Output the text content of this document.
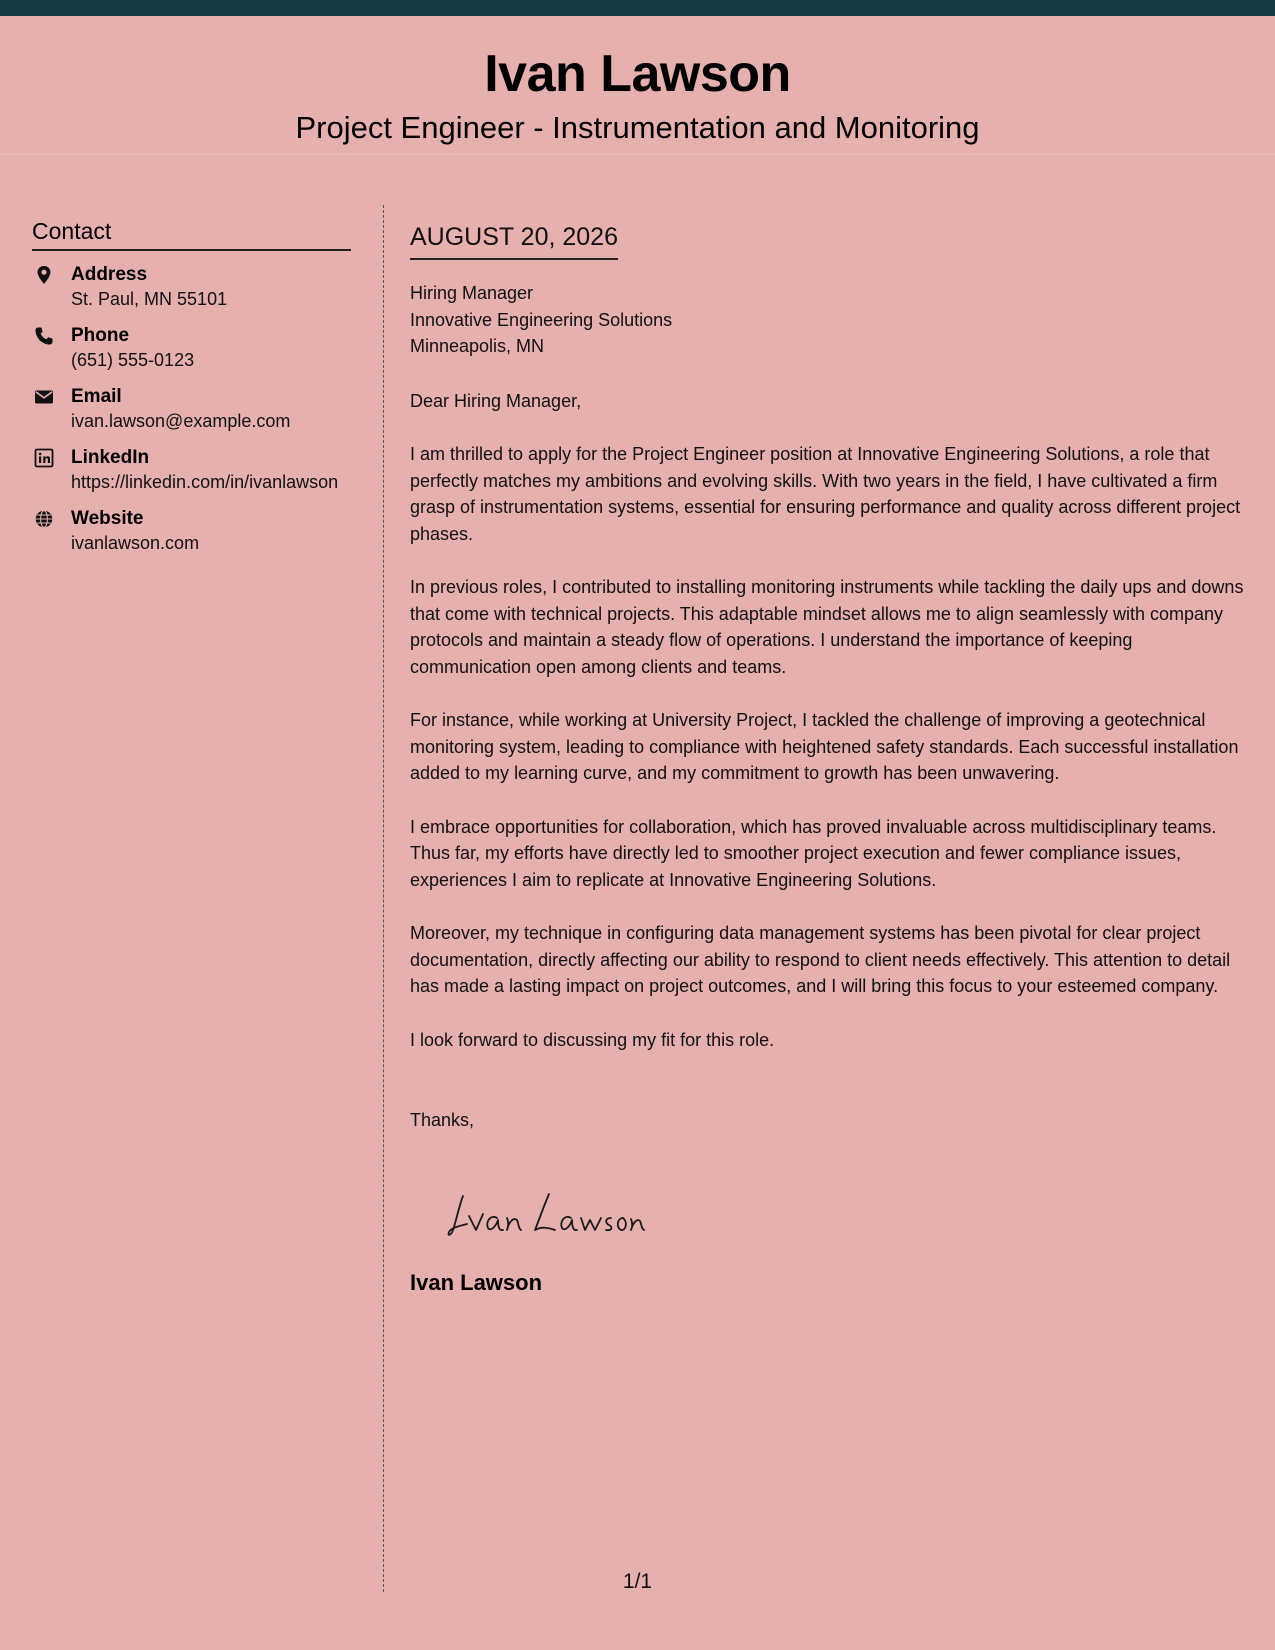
Ivan Lawson
Project Engineer - Instrumentation and Monitoring
Contact
Address
St. Paul, MN 55101
Phone
(651) 555-0123
Email
ivan.lawson@example.com
LinkedIn
https://linkedin.com/in/ivanlawson
Website
ivanlawson.com
AUGUST 20, 2026
Hiring Manager
Innovative Engineering Solutions
Minneapolis, MN
Dear Hiring Manager,

I am thrilled to apply for the Project Engineer position at Innovative Engineering Solutions, a role that perfectly matches my ambitions and evolving skills. With two years in the field, I have cultivated a firm grasp of instrumentation systems, essential for ensuring performance and quality across different project phases.

In previous roles, I contributed to installing monitoring instruments while tackling the daily ups and downs that come with technical projects. This adaptable mindset allows me to align seamlessly with company protocols and maintain a steady flow of operations. I understand the importance of keeping communication open among clients and teams.

For instance, while working at University Project, I tackled the challenge of improving a geotechnical monitoring system, leading to compliance with heightened safety standards. Each successful installation added to my learning curve, and my commitment to growth has been unwavering.

I embrace opportunities for collaboration, which has proved invaluable across multidisciplinary teams. Thus far, my efforts have directly led to smoother project execution and fewer compliance issues, experiences I aim to replicate at Innovative Engineering Solutions.

Moreover, my technique in configuring data management systems has been pivotal for clear project documentation, directly affecting our ability to respond to client needs effectively. This attention to detail has made a lasting impact on project outcomes, and I will bring this focus to your esteemed company.

I look forward to discussing my fit for this role.

Thanks,
Ivan Lawson
1/1
